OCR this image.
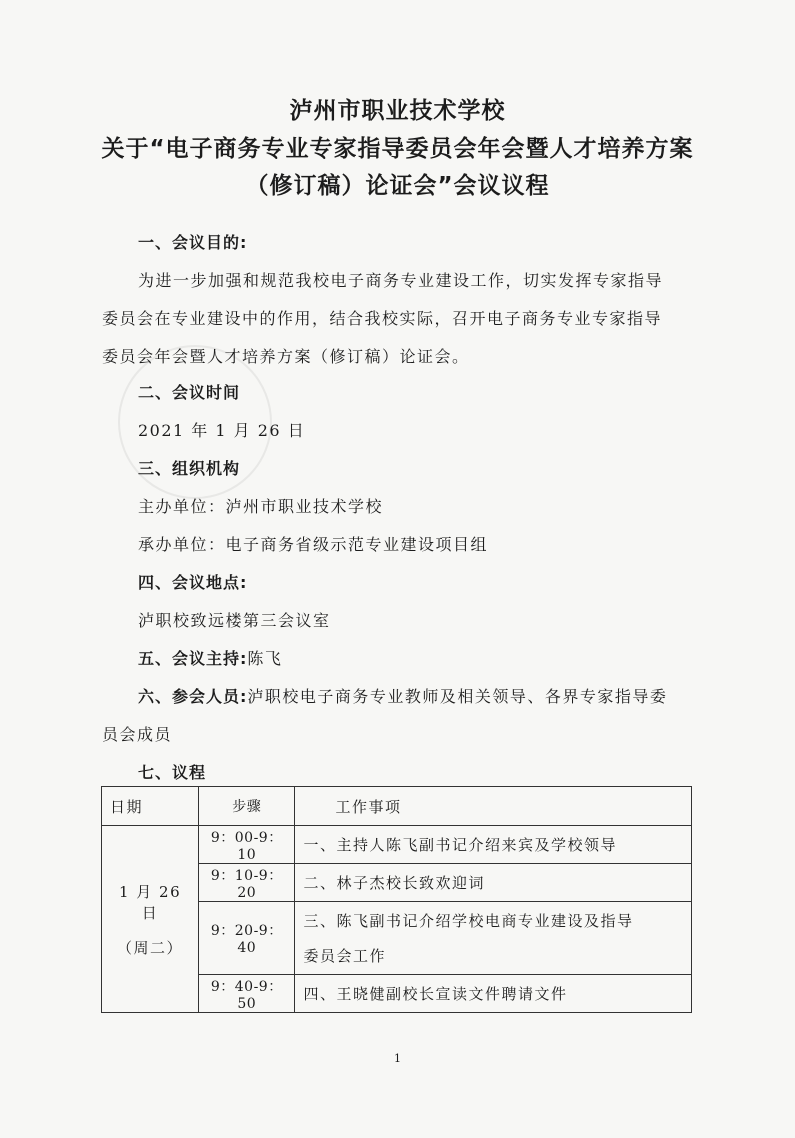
泸州市职业技术学校
关于“电子商务专业专家指导委员会年会暨人才培养方案
（修订稿）论证会”会议议程
一、会议目的:
为进一步加强和规范我校电子商务专业建设工作，切实发挥专家指导
委员会在专业建设中的作用，结合我校实际，召开电子商务专业专家指导
委员会年会暨人才培养方案（修订稿）论证会。
二、会议时间
2021 年 1 月 26 日
三、组织机构
主办单位：泸州市职业技术学校
承办单位：电子商务省级示范专业建设项目组
四、会议地点:
泸职校致远楼第三会议室
五、会议主持:陈飞
六、参会人员:泸职校电子商务专业教师及相关领导、各界专家指导委
员会成员
七、议程
日期	步骤	工作事项

1 月 26 日
（周二）	9：00-9：10	一、主持人陈飞副书记介绍来宾及学校领导
	9：10-9：20	二、林子杰校长致欢迎词
	9：20-9：40	三、陈飞副书记介绍学校电商专业建设及指导
委员会工作

	9：40-9：50	四、王晓健副校长宣读文件聘请文件
1
